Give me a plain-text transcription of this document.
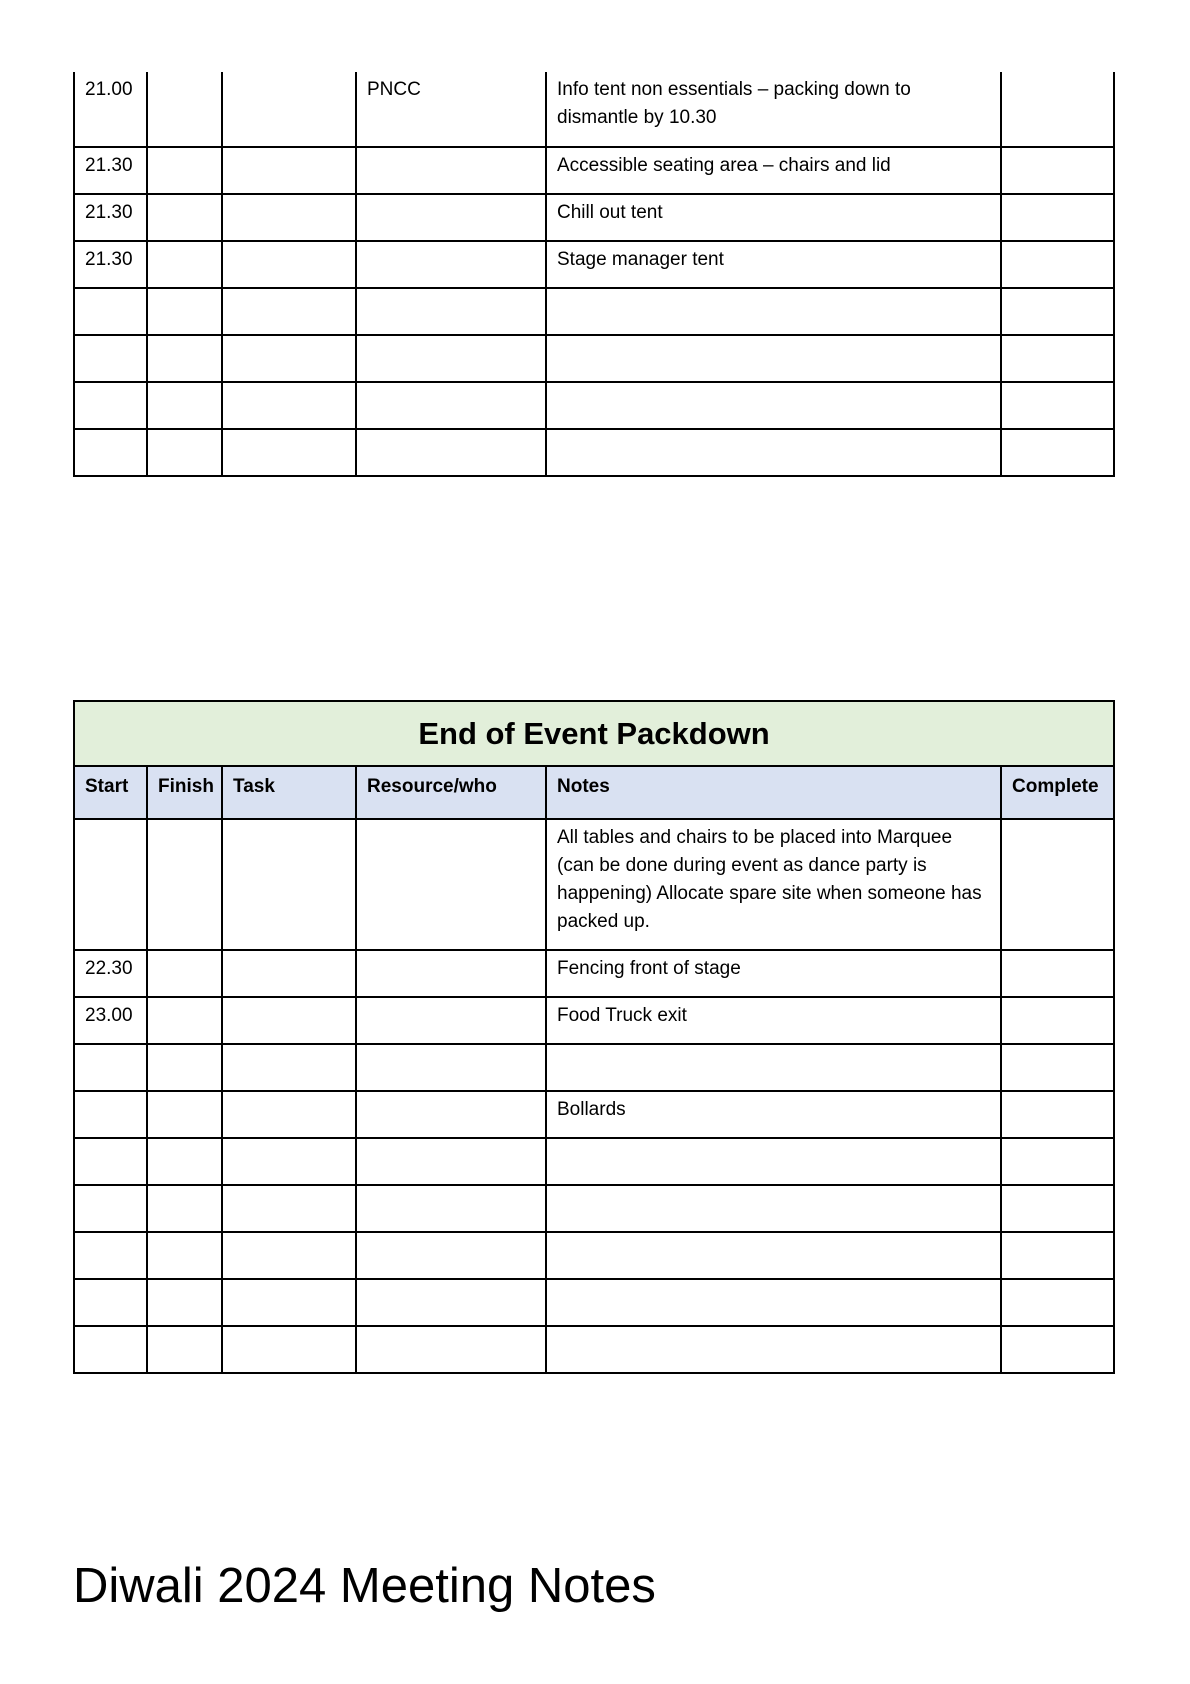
21.00			PNCC	Info tent non essentials – packing down to dismantle by 10.30	
21.30				Accessible seating area – chairs and lid	
21.30				Chill out tent	
21.30				Stage manager tent	

End of Event Packdown					
Start	Finish	Task	Resource/who	Notes	Complete
				All tables and chairs to be placed into Marquee (can be done during event as dance party is happening) Allocate spare site when someone has packed up.	
22.30				Fencing front of stage	
23.00				Food Truck exit	

				Bollards	

Diwali 2024 Meeting Notes
